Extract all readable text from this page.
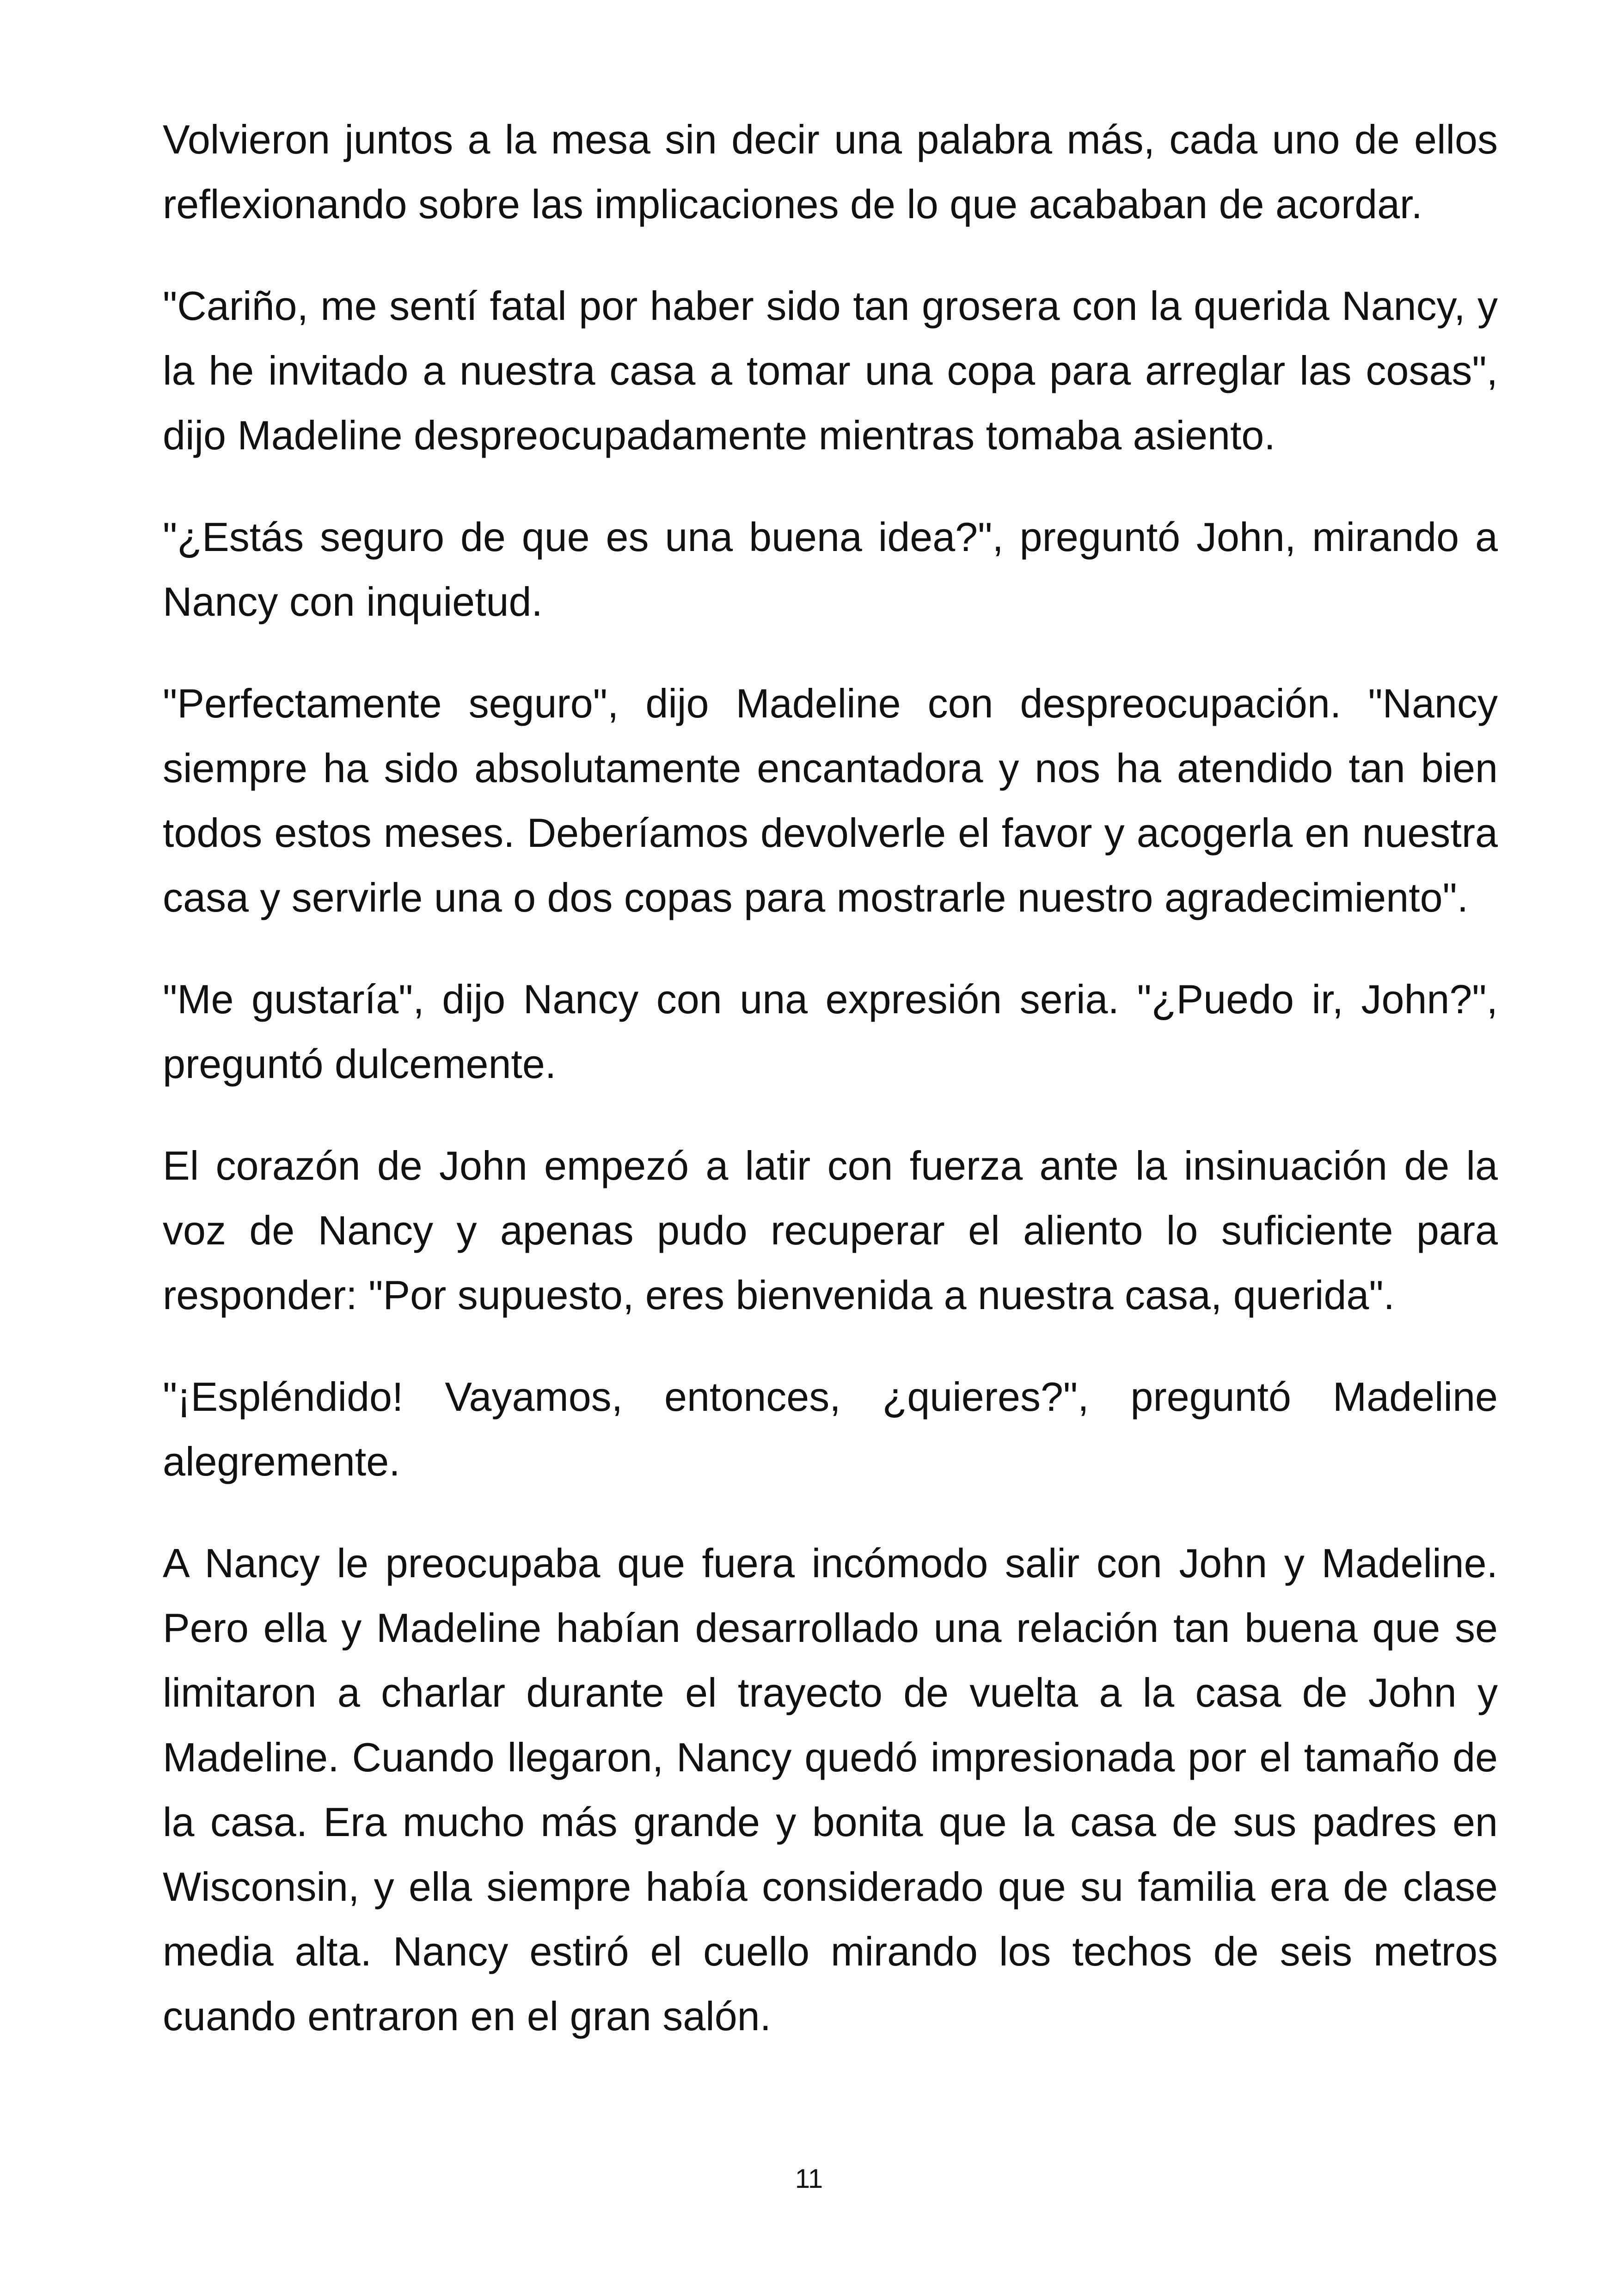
Volvieron juntos a la mesa sin decir una palabra más, cada uno de ellos reflexionando sobre las implicaciones de lo que acababan de acordar.

"Cariño, me sentí fatal por haber sido tan grosera con la querida Nancy, y la he invitado a nuestra casa a tomar una copa para arreglar las cosas", dijo Madeline despreocupadamente mientras tomaba asiento.

"¿Estás seguro de que es una buena idea?", preguntó John, mirando a Nancy con inquietud.

"Perfectamente seguro", dijo Madeline con despreocupación. "Nancy siempre ha sido absolutamente encantadora y nos ha atendido tan bien todos estos meses. Deberíamos devolverle el favor y acogerla en nuestra casa y servirle una o dos copas para mostrarle nuestro agradecimiento".

"Me gustaría", dijo Nancy con una expresión seria. "¿Puedo ir, John?", preguntó dulcemente.

El corazón de John empezó a latir con fuerza ante la insinuación de la voz de Nancy y apenas pudo recuperar el aliento lo suficiente para responder: "Por supuesto, eres bienvenida a nuestra casa, querida".

"¡Espléndido! Vayamos, entonces, ¿quieres?", preguntó Madeline alegremente.

A Nancy le preocupaba que fuera incómodo salir con John y Madeline. Pero ella y Madeline habían desarrollado una relación tan buena que se limitaron a charlar durante el trayecto de vuelta a la casa de John y Madeline. Cuando llegaron, Nancy quedó impresionada por el tamaño de la casa. Era mucho más grande y bonita que la casa de sus padres en Wisconsin, y ella siempre había considerado que su familia era de clase media alta. Nancy estiró el cuello mirando los techos de seis metros cuando entraron en el gran salón.

11
